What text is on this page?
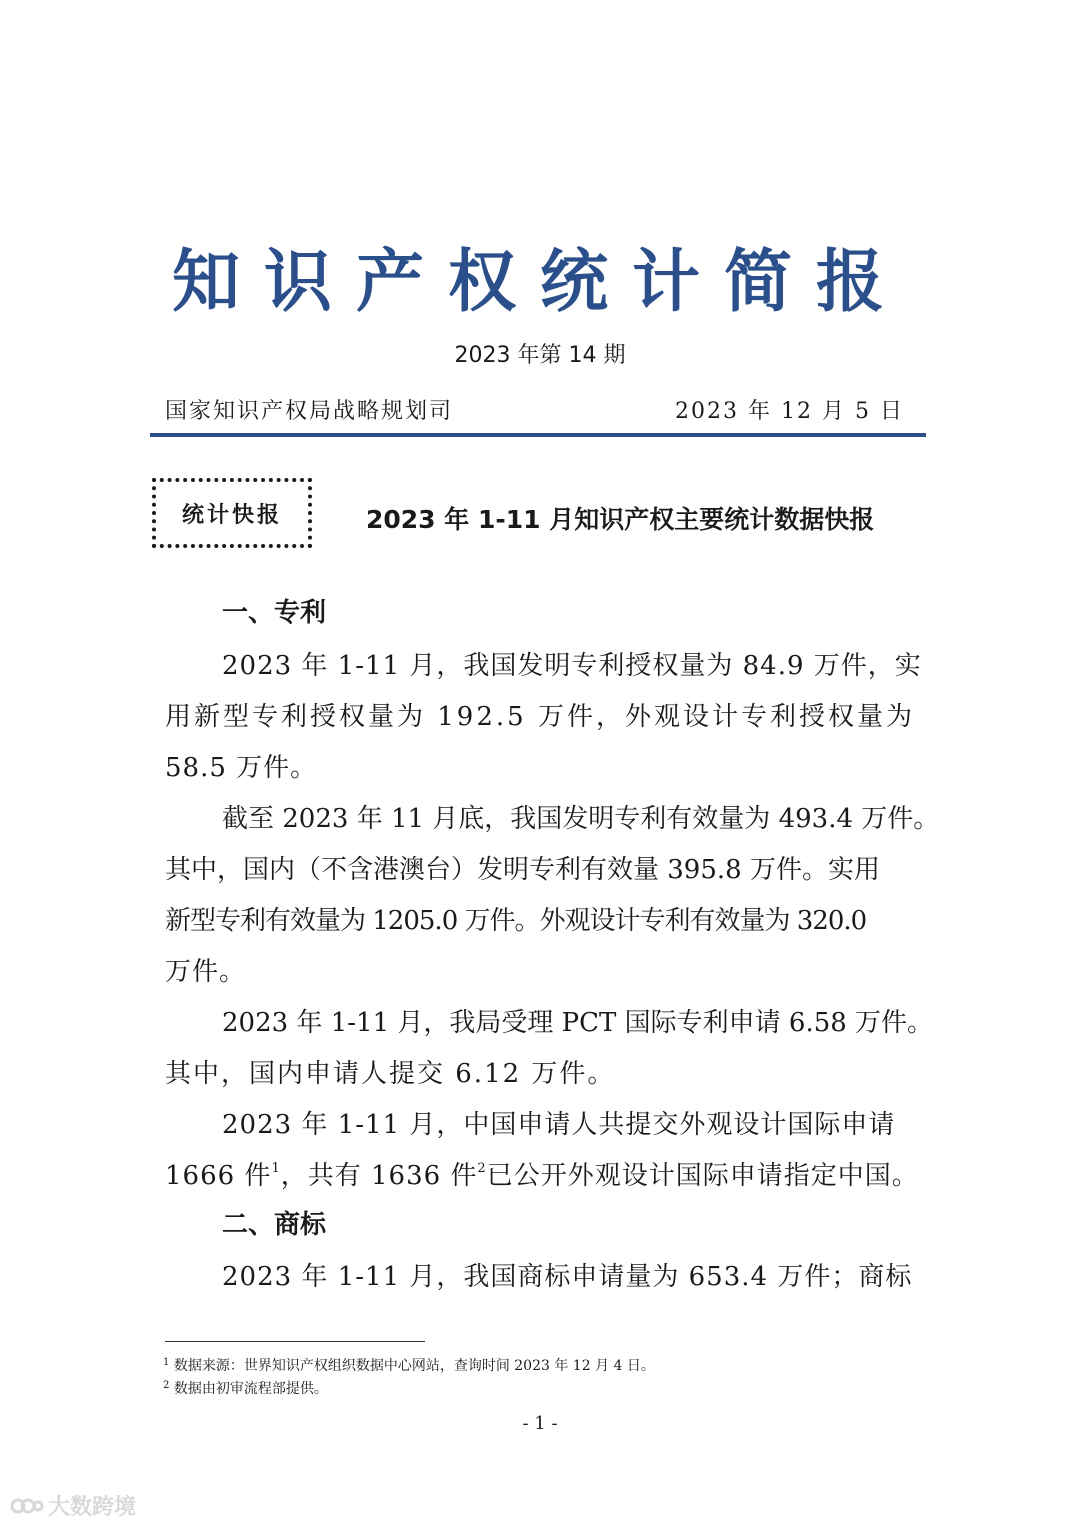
知识产权统计简报
2023 年第 14 期
国家知识产权局战略规划司	2023 年 12 月 5 日
统计快报	2023 年 1-11 月知识产权主要统计数据快报
一、专利
2023 年 1-11 月，我国发明专利授权量为 84.9 万件，实
用新型专利授权量为 192.5 万件，外观设计专利授权量为
58.5 万件。
截至 2023 年 11 月底，我国发明专利有效量为 493.4 万件。
其中，国内（不含港澳台）发明专利有效量 395.8 万件。实用
新型专利有效量为 1205.0 万件。外观设计专利有效量为 320.0
万件。
2023 年 1-11 月，我局受理 PCT 国际专利申请 6.58 万件。
其中，国内申请人提交 6.12 万件。
2023 年 1-11 月，中国申请人共提交外观设计国际申请
1666 件$^1$，共有 1636 件$^2$已公开外观设计国际申请指定中国。
二、商标
2023 年 1-11 月，我国商标申请量为 653.4 万件；商标
$^1$ 数据来源：世界知识产权组织数据中心网站，查询时间 2023 年 12 月 4 日。
$^2$ 数据由初审流程部提供。
- 1 -
大数跨境
